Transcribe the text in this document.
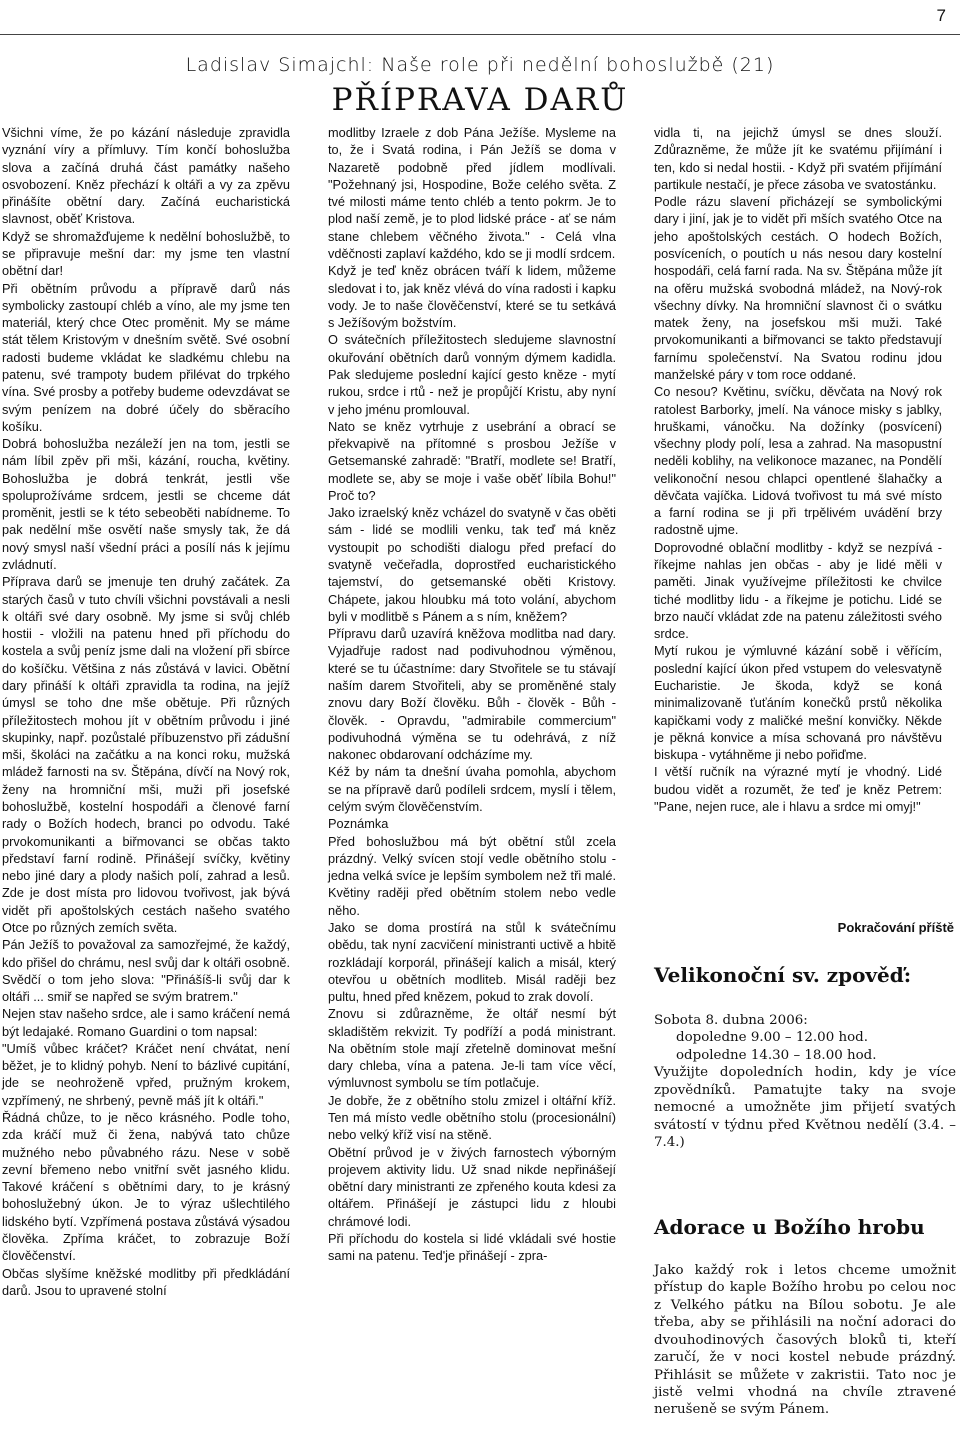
7
Ladislav Simajchl: Naše role při nedělní bohoslužbě (21)
PŘÍPRAVA DARŮ

Všichni víme, že po kázání následuje zpravidla vyznání víry a přímluvy. Tím končí bohoslužba slova a začíná druhá část památky našeho osvobození. Kněz přechází k oltáři a vy za zpěvu přinášíte obětní dary. Začíná eucharistická slavnost, oběť Kristova.

Když se shromažďujeme k nedělní bohoslužbě, to se připravuje mešní dar: my jsme ten vlastní obětní dar!

Při obětním průvodu a přípravě darů nás symbolicky zastoupí chléb a víno, ale my jsme ten materiál, který chce Otec proměnit. My se máme stát tělem Kristovým v dnešním světě. Své osobní radosti budeme vkládat ke sladkému chlebu na patenu, své trampoty budem přilévat do trpkého vína. Své prosby a potřeby budeme odevzdávat se svým penízem na dobré účely do sběracího košíku.

Dobrá bohoslužba nezáleží jen na tom, jestli se nám líbil zpěv při mši, kázání, roucha, květiny. Bohoslužba je dobrá tenkrát, jestli vše spoluprožíváme srdcem, jestli se chceme dát proměnit, jestli se k této sebeoběti nabídneme. To pak nedělní mše osvětí naše smysly tak, že dá nový smysl naší všední práci a posílí nás k jejímu zvládnutí.

Příprava darů se jmenuje ten druhý začátek. Za starých časů v tuto chvíli všichni povstávali a nesli k oltáři své dary osobně. My jsme si svůj chléb hostii - vložili na patenu hned při příchodu do kostela a svůj peníz jsme dali na vložení při sbírce do košíčku. Většina z nás zůstává v lavici. Obětní dary přináší k oltáři zpravidla ta rodina, na jejíž úmysl se toho dne mše obětuje. Při různých příležitostech mohou jít v obětním průvodu i jiné skupinky, např. pozůstalé příbuzenstvo při zádušní mši, školáci na začátku a na konci roku, mužská mládež farnosti na sv. Štěpána, dívčí na Nový rok, ženy na hromniční mši, muži při josefské bohoslužbě, kostelní hospodáři a členové farní rady o Božích hodech, branci po odvodu. Také prvokomunikanti a biřmovanci se občas takto představí farní rodině. Přinášejí svíčky, květiny nebo jiné dary a plody našich polí, zahrad a lesů. Zde je dost místa pro lidovou tvořivost, jak bývá vidět při apoštolských cestách našeho svatého Otce po různých zemích světa.

Pán Ježíš to považoval za samozřejmé, že každý, kdo přišel do chrámu, nesl svůj dar k oltáři osobně. Svědčí o tom jeho slova: "Přinášíš-li svůj dar k oltáři ... smiř se napřed se svým bratrem."

Nejen stav našeho srdce, ale i samo kráčení nemá být ledajaké. Romano Guardini o tom napsal:

"Umíš vůbec kráčet? Kráčet není chvátat, není běžet, je to klidný pohyb. Není to bázlivé cupitání, jde se neohroženě vpřed, pružným krokem, vzpřímený, ne shrbený, pevně máš jít k oltáři."

Řádná chůze, to je něco krásného. Podle toho, zda kráčí muž či žena, nabývá tato chůze mužného nebo půvabného rázu. Nese v sobě zevní břemeno nebo vnitřní svět jasného klidu. Takové kráčení s obětními dary, to je krásný bohoslužebný úkon. Je to výraz ušlechtilého lidského bytí. Vzpřímená postava zůstává výsadou člověka. Zpříma kráčet, to zobrazuje Boží člověčenství.

Občas slyšíme kněžské modlitby při předkládání darů. Jsou to upravené stolní

modlitby Izraele z dob Pána Ježíše. Mysleme na to, že i Svatá rodina, i Pán Ježíš se doma v Nazaretě podobně před jídlem modlívali. "Požehnaný jsi, Hospodine, Bože celého světa. Z tvé milosti máme tento chléb a tento pokrm. Je to plod naší země, je to plod lidské práce - ať se nám stane chlebem věčného života." - Celá vlna vděčnosti zaplaví každého, kdo se ji modlí srdcem.

Když je teď kněz obrácen tváří k lidem, můžeme sledovat i to, jak kněz vlévá do vína radosti i kapku vody. Je to naše člověčenství, které se tu setkává s Ježíšovým božstvím.

O svátečních příležitostech sledujeme slavnostní okuřování obětních darů vonným dýmem kadidla. Pak sledujeme poslední kající gesto kněze - mytí rukou, srdce i rtů - než je propůjčí Kristu, aby nyní v jeho jménu promlouval.

Nato se kněz vytrhuje z usebrání a obrací se překvapivě na přítomné s prosbou Ježíše v Getsemanské zahradě: "Bratří, modlete se! Bratří, modlete se, aby se moje i vaše oběť líbila Bohu!" Proč to?

Jako izraelský kněz vcházel do svatyně v čas oběti sám - lidé se modlili venku, tak teď má kněz vystoupit po schodišti dialogu před prefací do svatyně večeřadla, doprostřed eucharistického tajemství, do getsemanské oběti Kristovy. Chápete, jakou hloubku má toto volání, abychom byli v modlitbě s Pánem a s ním, kněžem?

Přípravu darů uzavírá kněžova modlitba nad dary. Vyjadřuje radost nad podivuhodnou výměnou, které se tu účastníme: dary Stvořitele se tu stávají naším darem Stvořiteli, aby se proměněné staly znovu dary Boží člověku. Bůh - člověk - Bůh - člověk. - Opravdu, "admirabile commercium" podivuhodná výměna se tu odehrává, z níž nakonec obdarovaní odcházíme my.

Kéž by nám ta dnešní úvaha pomohla, abychom se na přípravě darů podíleli srdcem, myslí i tělem, celým svým člověčenstvím.

Poznámka

Před bohoslužbou má být obětní stůl zcela prázdný. Velký svícen stojí vedle obětního stolu - jedna velká svíce je lepším symbolem než tři malé. Květiny raději před obětním stolem nebo vedle něho.

Jako se doma prostírá na stůl k svátečnímu obědu, tak nyní zacvičení ministranti uctivě a hbitě rozkládají korporál, přinášejí kalich a misál, který otevřou u obětních modliteb. Misál raději bez pultu, hned před knězem, pokud to zrak dovolí.

Znovu si zdůrazněme, že oltář nesmí být skladištěm rekvizit. Ty podříží a podá ministrant. Na obětním stole mají zřetelně dominovat mešní dary chleba, vína a patena. Je-li tam více věcí, výmluvnost symbolu se tím potlačuje.

Je dobře, že z obětního stolu zmizel i oltářní kříž. Ten má místo vedle obětního stolu (procesionální) nebo velký kříž visí na stěně.

Obětní průvod je v živých farnostech výborným projevem aktivity lidu. Už snad nikde nepřinášejí obětní dary ministranti ze zpřeného kouta kdesi za oltářem. Přinášejí je zástupci lidu z hloubi chrámové lodi.

Při příchodu do kostela si lidé vkládali své hostie sami na patenu. Ted'je přinášejí - zpra-

vidla ti, na jejichž úmysl se dnes slouží. Zdůrazněme, že může jít ke svatému přijímání i ten, kdo si nedal hostii. - Když při svatém přijímání partikule nestačí, je přece zásoba ve svatostánku.

Podle rázu slavení přicházejí se symbolickými dary i jiní, jak je to vidět při mších svatého Otce na jeho apoštolských cestách. O hodech Božích, posvíceních, o poutích u nás nesou dary kostelní hospodáři, celá farní rada. Na sv. Štěpána může jít na ofěru mužská svobodná mládež, na Nový-rok všechny dívky. Na hromniční slavnost či o svátku matek ženy, na josefskou mši muži. Také prvokomunikanti a biřmovanci se takto představují farnímu společenství. Na Svatou rodinu jdou manželské páry v tom roce oddané.

Co nesou? Květinu, svíčku, děvčata na Nový rok ratolest Barborky, jmelí. Na vánoce misky s jablky, hruškami, vánočku. Na dožínky (posvícení) všechny plody polí, lesa a zahrad. Na masopustní neděli koblihy, na velikonoce mazanec, na Pondělí velikonoční nesou chlapci opentlené šlahačky a děvčata vajíčka. Lidová tvořivost tu má své místo a farní rodina se ji při trpělivém uvádění brzy radostně ujme.

Doprovodné oblační modlitby - když se nezpívá - říkejme nahlas jen občas - aby je lidé měli v paměti. Jinak využívejme příležitosti ke chvilce tiché modlitby lidu - a říkejme je potichu. Lidé se brzo naučí vkládat zde na patenu záležitosti svého srdce.

Mytí rukou je výmluvné kázání sobě i věřícím, poslední kající úkon před vstupem do velesvatyně Eucharistie. Je škoda, když se koná minimalizovaně ťuťáním konečků prstů několika kapičkami vody z maličké mešní konvičky. Někde je pěkná konvice a mísa schovaná pro návštěvu biskupa - vytáhněme ji nebo pořiďme.

I větší ručník na výrazné mytí je vhodný. Lidé budou vidět a rozumět, že teď je kněz Petrem: "Pane, nejen ruce, ale i hlavu a srdce mi omyj!"

Pokračování příště
Velikonoční sv. zpověď:
Sobota 8. dubna 2006:
dopoledne 9.00 – 12.00 hod.
odpoledne 14.30 – 18.00 hod.
Využijte dopoledních hodin, kdy je více zpovědníků. Pamatujte taky na svoje nemocné a umožněte jim přijetí svatých svátostí v týdnu před Květnou nedělí (3.4. – 7.4.)
Adorace u Božího hrobu
Jako každý rok i letos chceme umožnit přístup do kaple Božího hrobu po celou noc z Velkého pátku na Bílou sobotu. Je ale třeba, aby se přihlásili na noční adoraci do dvouhodinových časových bloků ti, kteří zaručí, že v noci kostel nebude prázdný. Přihlásit se můžete v zakristii. Tato noc je jistě velmi vhodná na chvíle ztravené nerušeně se svým Pánem.
